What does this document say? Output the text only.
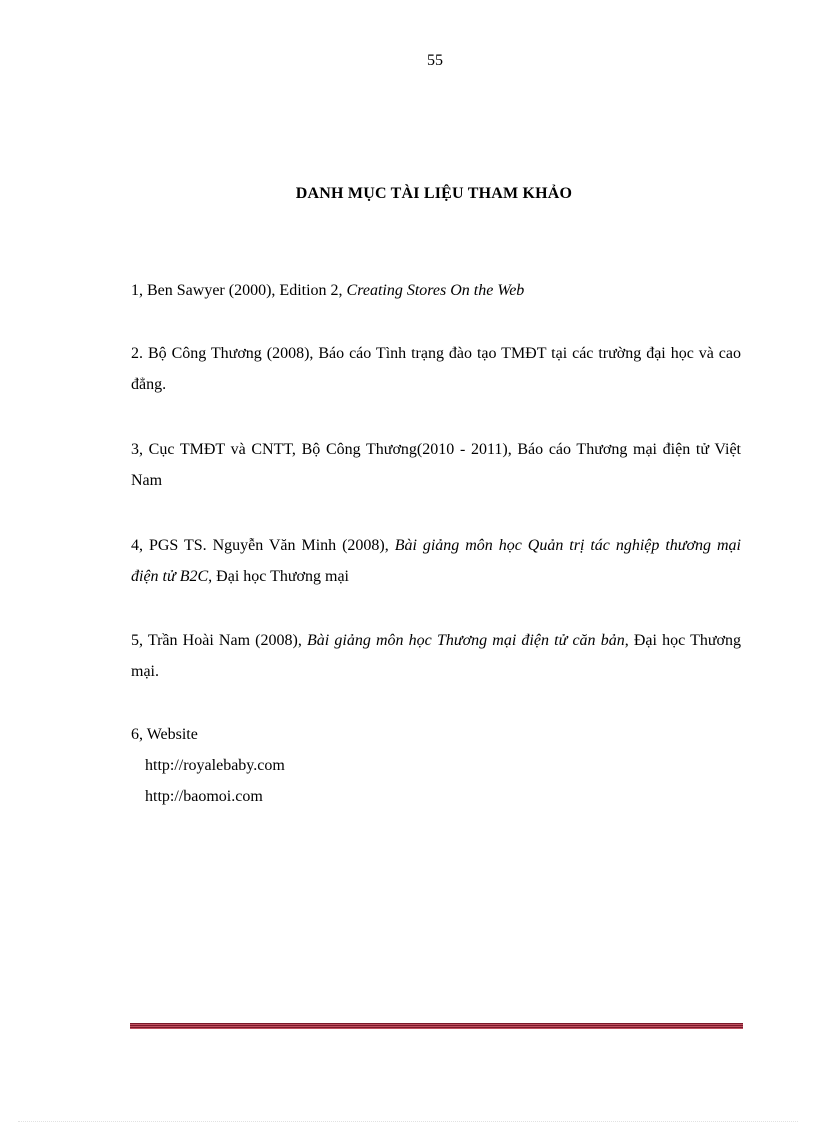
55
DANH MỤC TÀI LIỆU THAM KHẢO
1, Ben Sawyer (2000), Edition 2, Creating Stores On the Web
2. Bộ Công Thương (2008), Báo cáo Tình trạng đào tạo TMĐT tại các trường đại học và cao đẳng.
3, Cục TMĐT và CNTT, Bộ Công Thương(2010 - 2011), Báo cáo Thương mại điện tử Việt Nam
4, PGS TS. Nguyễn Văn Minh (2008), Bài giảng môn học Quản trị tác nghiệp thương mại điện tử B2C, Đại học Thương mại
5, Trần Hoài Nam (2008), Bài giảng môn học Thương mại điện tử căn bản, Đại học Thương mại.
6, Website
http://royalebaby.com
http://baomoi.com
